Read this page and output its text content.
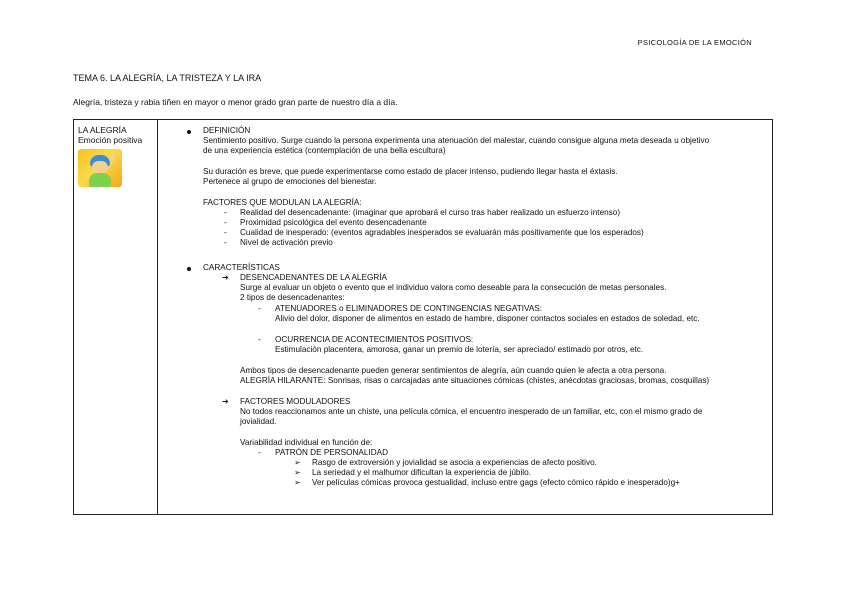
PSICOLOGÍA DE LA EMOCIÓN
TEMA 6. LA ALEGRÍA, LA TRISTEZA Y LA IRA
Alegría, tristeza y rabia tiñen en mayor o menor grado gran parte de nuestro día a día.
LA ALEGRÍA
Emoción positiva
DEFINICIÓN
Sentimiento positivo. Surge cuando la persona experimenta una atenuación del malestar, cuando consigue alguna meta deseada u objetivo
de una experiencia estética (contemplación de una bella escultura)
Su duración es breve, que puede experimentarse como estado de placer intenso, pudiendo llegar hasta el éxtasis.
Pertenece al grupo de emociones del bienestar.
FACTORES QUE MODULAN LA ALEGRÍA:
- Realidad del desencadenante: (imaginar que aprobará el curso tras haber realizado un esfuerzo intenso)
- Proximidad psicológica del evento desencadenante
- Cualidad de inesperado: (eventos agradables inesperados se evaluarán más positivamente que los esperados)
- Nivel de activación previo
CARACTERÍSTICAS
➔ DESENCADENANTES DE LA ALEGRÍA
Surge al evaluar un objeto o evento que el individuo valora como deseable para la consecución de metas personales.
2 tipos de desencadenantes:
- ATENUADORES o ELIMINADORES DE CONTINGENCIAS NEGATIVAS:
Alivio del dolor, disponer de alimentos en estado de hambre, disponer contactos sociales en estados de soledad, etc.
- OCURRENCIA DE ACONTECIMIENTOS POSITIVOS:
Estimulación placentera, amorosa, ganar un premio de lotería, ser apreciado/ estimado por otros, etc.
Ambos tipos de desencadenante pueden generar sentimientos de alegría, aún cuando quien le afecta a otra persona.
ALEGRÍA HILARANTE: Sonrisas, risas o carcajadas ante situaciones cómicas (chistes, anécdotas graciosas, bromas, cosquillas)
➔ FACTORES MODULADORES
No todos reaccionamos ante un chiste, una película cómica, el encuentro inesperado de un familiar, etc, con el mismo grado de
jovialidad.
Variabilidad individual en función de:
- PATRÓN DE PERSONALIDAD
➢ Rasgo de extroversión y jovialidad se asocia a experiencias de afecto positivo.
➢ La seriedad y el malhumor dificultan la experiencia de júbilo.
➢ Ver películas cómicas provoca gestualidad, incluso entre gags (efecto cómico rápido e inesperado)g+
